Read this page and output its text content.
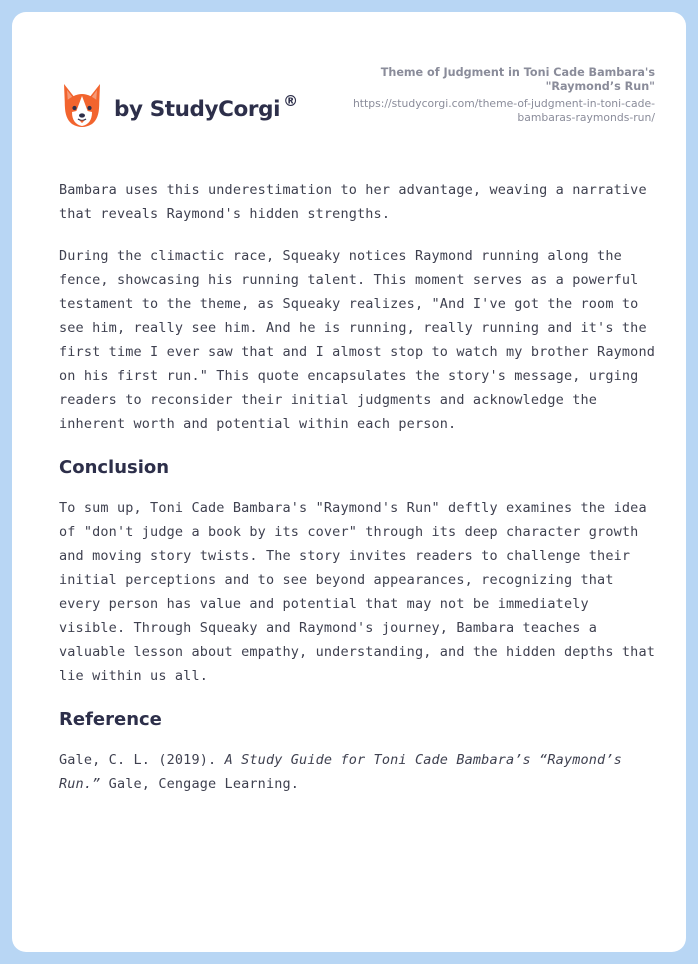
by StudyCorgi ®

Theme of Judgment in Toni Cade Bambara's "Raymond’s Run"

https://studycorgi.com/theme-of-judgment-in-toni-cade-bambaras-raymonds-run/

Bambara uses this underestimation to her advantage, weaving a narrative that reveals Raymond's hidden strengths.

During the climactic race, Squeaky notices Raymond running along the fence, showcasing his running talent. This moment serves as a powerful testament to the theme, as Squeaky realizes, "And I've got the room to see him, really see him. And he is running, really running and it's the first time I ever saw that and I almost stop to watch my brother Raymond on his first run." This quote encapsulates the story's message, urging readers to reconsider their initial judgments and acknowledge the inherent worth and potential within each person.

Conclusion

To sum up, Toni Cade Bambara's "Raymond's Run" deftly examines the idea of "don't judge a book by its cover" through its deep character growth and moving story twists. The story invites readers to challenge their initial perceptions and to see beyond appearances, recognizing that every person has value and potential that may not be immediately visible. Through Squeaky and Raymond's journey, Bambara teaches a valuable lesson about empathy, understanding, and the hidden depths that lie within us all.

Reference

Gale, C. L. (2019). A Study Guide for Toni Cade Bambara’s “Raymond’s Run.” Gale, Cengage Learning.
